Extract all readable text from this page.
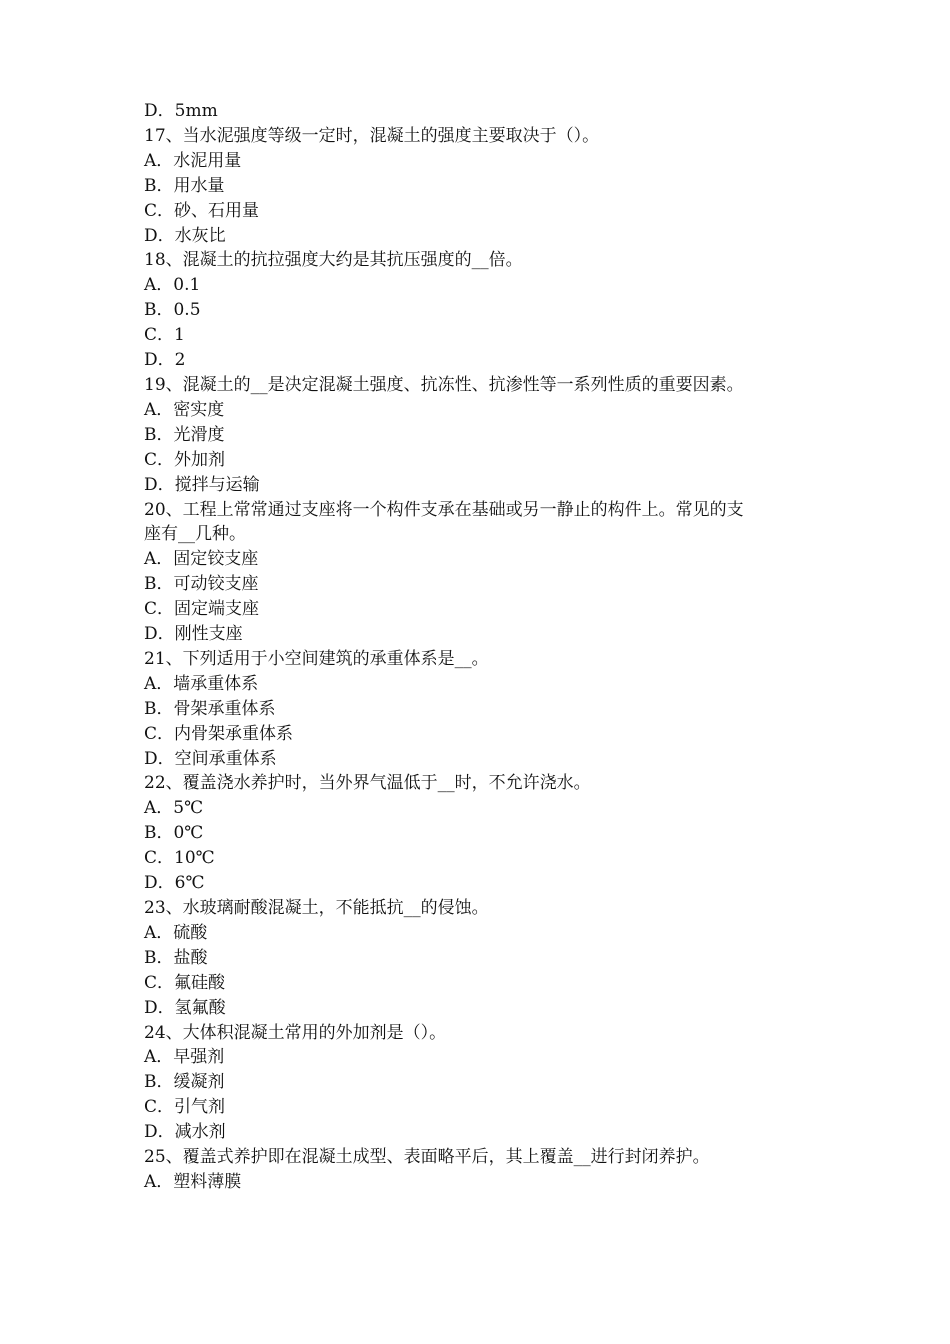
D．5mm
17、当水泥强度等级一定时，混凝土的强度主要取决于（）。
A．水泥用量
B．用水量
C．砂、石用量
D．水灰比
18、混凝土的抗拉强度大约是其抗压强度的__倍。
A．0.1
B．0.5
C．1
D．2
19、混凝土的__是决定混凝土强度、抗冻性、抗渗性等一系列性质的重要因素。
A．密实度
B．光滑度
C．外加剂
D．搅拌与运输
20、工程上常常通过支座将一个构件支承在基础或另一静止的构件上。常见的支
座有__几种。
A．固定铰支座
B．可动铰支座
C．固定端支座
D．刚性支座
21、下列适用于小空间建筑的承重体系是__。
A．墙承重体系
B．骨架承重体系
C．内骨架承重体系
D．空间承重体系
22、覆盖浇水养护时，当外界气温低于__时，不允许浇水。
A．5℃
B．0℃
C．10℃
D．6℃
23、水玻璃耐酸混凝土，不能抵抗__的侵蚀。
A．硫酸
B．盐酸
C．氟硅酸
D．氢氟酸
24、大体积混凝土常用的外加剂是（）。
A．早强剂
B．缓凝剂
C．引气剂
D．减水剂
25、覆盖式养护即在混凝土成型、表面略平后，其上覆盖__进行封闭养护。
A．塑料薄膜
